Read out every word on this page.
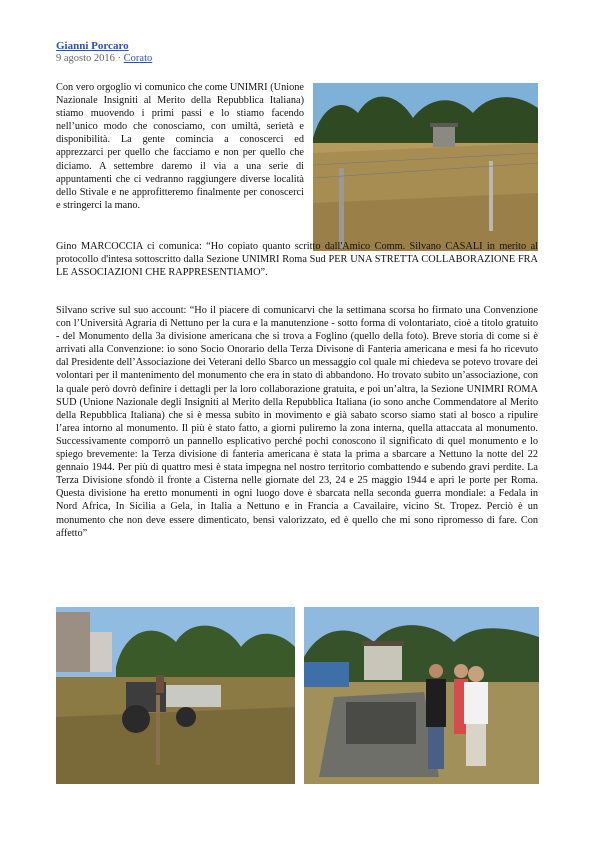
Gianni Porcaro
9 agosto 2016 · Corato
Con vero orgoglio vi comunico che come UNIMRI (Unione Nazionale Insigniti al Merito della Repubblica Italiana) stiamo muovendo i primi passi e lo stiamo facendo nell’unico modo che conosciamo, con umiltà, serietà e disponibilità. La gente comincia a conoscerci ed apprezzarci per quello che facciamo e non per quello che diciamo. A settembre daremo il via a una serie di appuntamenti che ci vedranno raggiungere diverse località dello Stivale e ne approfitteremo finalmente per conoscerci e stringerci la mano.
Gino MARCOCCIA ci comunica: “Ho copiato quanto scritto dall'Amico Comm. Silvano CASALI in merito al protocollo d'intesa sottoscritto dalla Sezione UNIMRI Roma Sud PER UNA STRETTA COLLABORAZIONE FRA LE ASSOCIAZIONI CHE RAPPRESENTIAMO”.
Silvano scrive sul suo account: “Ho il piacere di comunicarvi che la settimana scorsa ho firmato una Convenzione con l’Università Agraria di Nettuno per la cura e la manutenzione - sotto forma di volontariato, cioè a titolo gratuito - del Monumento della 3a divisione americana che si trova a Foglino (quello della foto). Breve storia di come si è arrivati alla Convenzione: io sono Socio Onorario della Terza Divisone di Fanteria americana e mesi fa ho ricevuto dal Presidente dell’Associazione dei Veterani dello Sbarco un messaggio col quale mi chiedeva se potevo trovare dei volontari per il mantenimento del monumento che era in stato di abbandono. Ho trovato subito un’associazione, con la quale però dovrò definire i dettagli per la loro collaborazione gratuita, e poi un’altra, la Sezione UNIMRI ROMA SUD (Unione Nazionale degli Insigniti al Merito della Repubblica Italiana (io sono anche Commendatore al Merito della Repubblica Italiana) che si è messa subito in movimento e già sabato scorso siamo stati al bosco a ripulire l’area intorno al monumento. Il più è stato fatto, a giorni puliremo la zona interna, quella attaccata al monumento. Successivamente comporrò un pannello esplicativo perché pochi conoscono il significato di quel monumento e lo spiego brevemente: la Terza divisione di fanteria americana è stata la prima a sbarcare a Nettuno la notte del 22 gennaio 1944. Per più di quattro mesi è stata impegna nel nostro territorio combattendo e subendo gravi perdite. La Terza Divisione sfondò il fronte a Cisterna nelle giornate del 23, 24 e 25 maggio 1944 e aprì le porte per Roma. Questa divisione ha eretto monumenti in ogni luogo dove è sbarcata nella seconda guerra mondiale: a Fedala in Nord Africa, In Sicilia a Gela, in Italia a Nettuno e in Francia a Cavailaire, vicino St. Tropez. Perciò è un monumento che non deve essere dimenticato, bensì valorizzato, ed è quello che mi sono ripromesso di fare. Con affetto”
